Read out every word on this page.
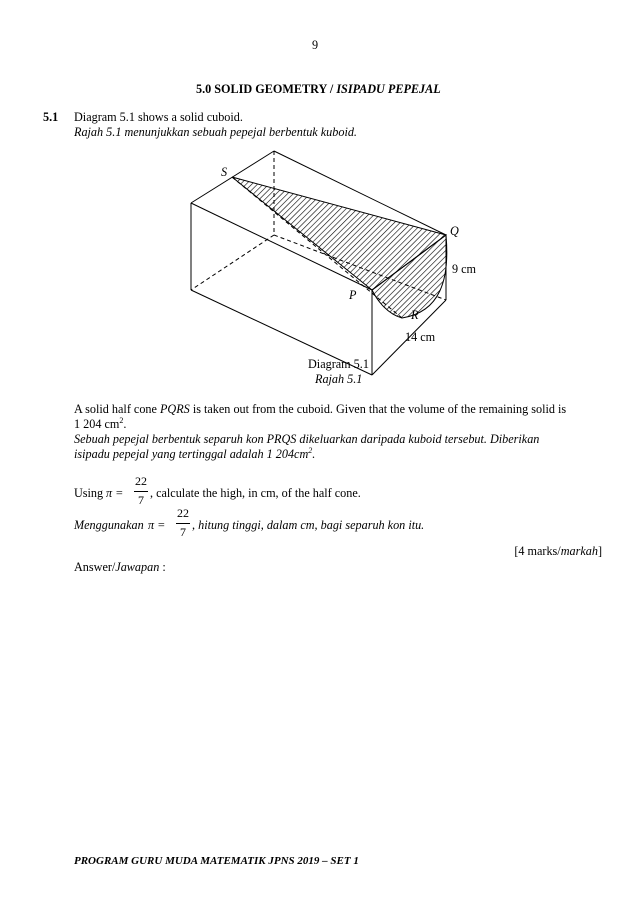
9
5.0 SOLID GEOMETRY / ISIPADU PEPEJAL
5.1 Diagram 5.1 shows a solid cuboid.
Rajah 5.1 menunjukkan sebuah pepejal berbentuk kuboid.
S
Q
P
R
9 cm
14 cm
Diagram 5.1
Rajah 5.1
A solid half cone PQRS is taken out from the cuboid. Given that the volume of the remaining solid is
1 204 $cm^2$.
Sebuah pepejal berbentuk separuh kon PRQS dikeluarkan daripada kuboid tersebut. Diberikan
isipadu pepejal yang tertinggal adalah 1 $204cm^2$.
Using π =
22
7 , calculate the high, in cm, of the half cone.
Menggunakan π =
22
7 , hitung tinggi, dalam cm, bagi separuh kon itu.
[4 marks/markah]
Answer/Jawapan :
PROGRAM GURU MUDA MATEMATIK JPNS 2019 – SET 1
